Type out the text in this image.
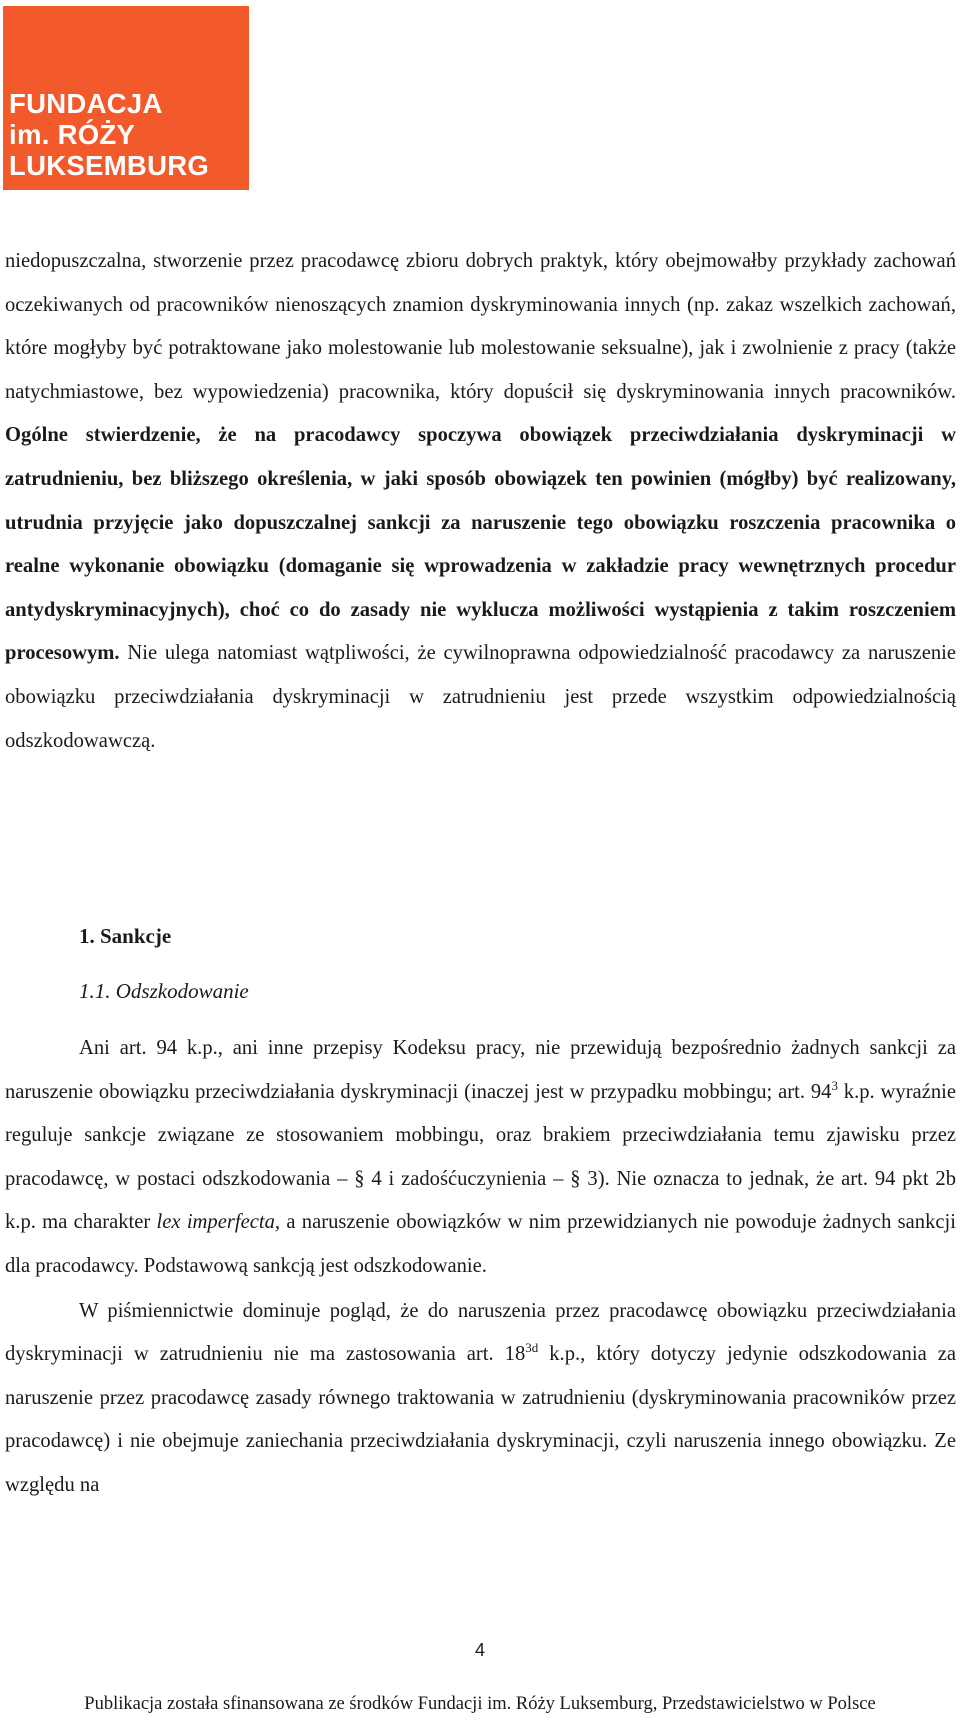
FUNDACJA
im. RÓŻY
LUKSEMBURG

niedopuszczalna, stworzenie przez pracodawcę zbioru dobrych praktyk, który obejmowałby przykłady zachowań oczekiwanych od pracowników nienoszących znamion dyskryminowania innych (np. zakaz wszelkich zachowań, które mogłyby być potraktowane jako molestowanie lub molestowanie seksualne), jak i zwolnienie z pracy (także natychmiastowe, bez wypowiedzenia) pracownika, który dopuścił się dyskryminowania innych pracowników. Ogólne stwierdzenie, że na pracodawcy spoczywa obowiązek przeciwdziałania dyskryminacji w zatrudnieniu, bez bliższego określenia, w jaki sposób obowiązek ten powinien (mógłby) być realizowany, utrudnia przyjęcie jako dopuszczalnej sankcji za naruszenie tego obowiązku roszczenia pracownika o realne wykonanie obowiązku (domaganie się wprowadzenia w zakładzie pracy wewnętrznych procedur antydyskryminacyjnych), choć co do zasady nie wyklucza możliwości wystąpienia z takim roszczeniem procesowym. Nie ulega natomiast wątpliwości, że cywilnoprawna odpowiedzialność pracodawcy za naruszenie obowiązku przeciwdziałania dyskryminacji w zatrudnieniu jest przede wszystkim odpowiedzialnością odszkodowawczą.

1. Sankcje
1.1. Odszkodowanie

Ani art. 94 k.p., ani inne przepisy Kodeksu pracy, nie przewidują bezpośrednio żadnych sankcji za naruszenie obowiązku przeciwdziałania dyskryminacji (inaczej jest w przypadku mobbingu; art. $94^3$ k.p. wyraźnie reguluje sankcje związane ze stosowaniem mobbingu, oraz brakiem przeciwdziałania temu zjawisku przez pracodawcę, w postaci odszkodowania – § 4 i zadośćuczynienia – § 3). Nie oznacza to jednak, że art. 94 pkt 2b k.p. ma charakter lex imperfecta, a naruszenie obowiązków w nim przewidzianych nie powoduje żadnych sankcji dla pracodawcy. Podstawową sankcją jest odszkodowanie.

W piśmiennictwie dominuje pogląd, że do naruszenia przez pracodawcę obowiązku przeciwdziałania dyskryminacji w zatrudnieniu nie ma zastosowania art. $18^{3d}$ k.p., który dotyczy jedynie odszkodowania za naruszenie przez pracodawcę zasady równego traktowania w zatrudnieniu (dyskryminowania pracowników przez pracodawcę) i nie obejmuje zaniechania przeciwdziałania dyskryminacji, czyli naruszenia innego obowiązku. Ze względu na

4
Publikacja została sfinansowana ze środków Fundacji im. Róży Luksemburg, Przedstawicielstwo w Polsce
